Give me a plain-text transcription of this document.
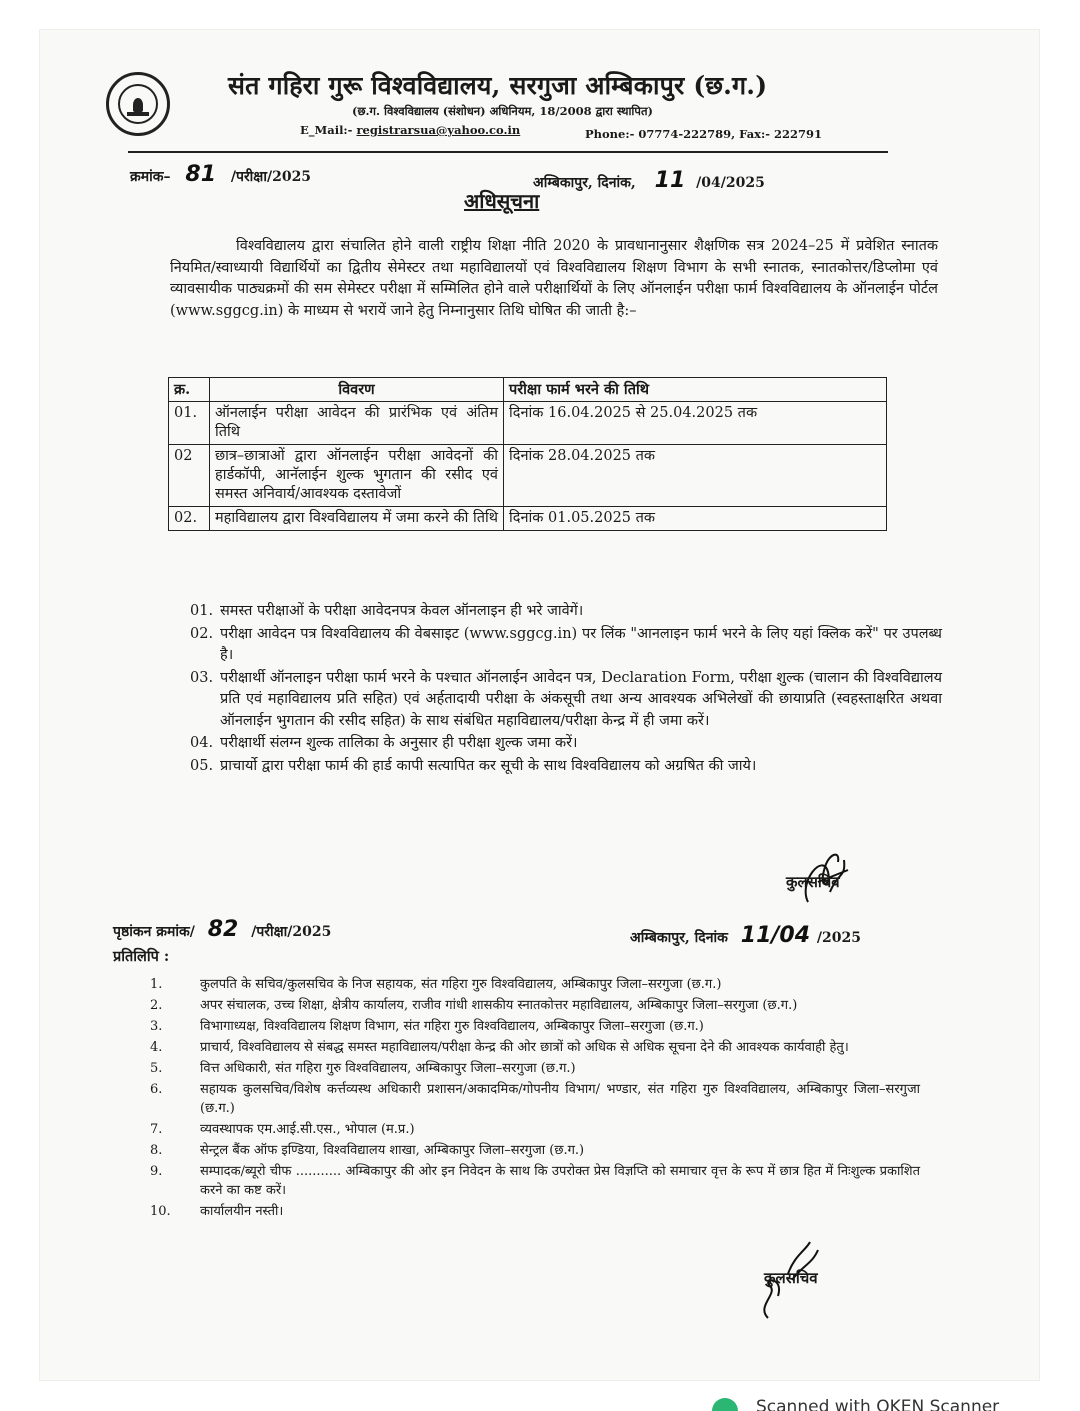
संत गहिरा गुरू विश्वविद्यालय, सरगुजा अम्बिकापुर (छ.ग.)
(छ.ग. विश्वविद्यालय (संशोधन) अधिनियम, 18/2008 द्वारा स्थापित)
E_Mail:- registrarsua@yahoo.co.in	Phone:- 07774-222789, Fax:- 222791
क्रमांक– 81 /परीक्षा/2025	अम्बिकापुर, दिनांक, 11 /04/2025
अधिसूचना

विश्वविद्यालय द्वारा संचालित होने वाली राष्ट्रीय शिक्षा नीति 2020 के प्रावधानानुसार शैक्षणिक सत्र 2024–25 में प्रवेशित स्नातक नियमित/स्वाध्यायी विद्यार्थियों का द्वितीय सेमेस्टर तथा महाविद्यालयों एवं विश्वविद्यालय शिक्षण विभाग के सभी स्नातक, स्नातकोत्तर/डिप्लोमा एवं व्यावसायीक पाठ्यक्रमों की सम सेमेस्टर परीक्षा में सम्मिलित होने वाले परीक्षार्थियों के लिए ऑनलाईन परीक्षा फार्म विश्वविद्यालय के ऑनलाईन पोर्टल (www.sggcg.in) के माध्यम से भरायें जाने हेतु निम्नानुसार तिथि घोषित की जाती है:–

क्र.	विवरण	परीक्षा फार्म भरने की तिथि
01.	ऑनलाईन परीक्षा आवेदन की प्रारंभिक एवं अंतिम तिथि	दिनांक 16.04.2025 से 25.04.2025 तक
02	छात्र–छात्राओं द्वारा ऑनलाईन परीक्षा आवेदनों की हार्डकॉपी, आनॅलाईन शुल्क भुगतान की रसीद एवं समस्त अनिवार्य/आवश्यक दस्तावेजों	दिनांक 28.04.2025 तक
02.	महाविद्यालय द्वारा विश्वविद्यालय में जमा करने की तिथि	दिनांक 01.05.2025 तक
01. समस्त परीक्षाओं के परीक्षा आवेदनपत्र केवल ऑनलाइन ही भरे जावेगें।
02. परीक्षा आवेदन पत्र विश्वविद्यालय की वेबसाइट (www.sggcg.in) पर लिंक "आनलाइन फार्म भरने के लिए यहां क्लिक करें" पर उपलब्ध है।
03. परीक्षार्थी ऑनलाइन परीक्षा फार्म भरने के पश्चात ऑनलाईन आवेदन पत्र, Declaration Form, परीक्षा शुल्क (चालान की विश्वविद्यालय प्रति एवं महाविद्यालय प्रति सहित) एवं अर्हतादायी परीक्षा के अंकसूची तथा अन्य आवश्यक अभिलेखों की छायाप्रति (स्वहस्ताक्षरित अथवा ऑनलाईन भुगतान की रसीद सहित) के साथ संबंधित महाविद्यालय/परीक्षा केन्द्र में ही जमा करें।
04. परीक्षार्थी संलग्न शुल्क तालिका के अनुसार ही परीक्षा शुल्क जमा करें।
05. प्राचार्यो द्वारा परीक्षा फार्म की हार्ड कापी सत्यापित कर सूची के साथ विश्वविद्यालय को अग्रषित की जाये।
कुलसचिव
पृष्ठांकन क्रमांक/ 82 /परीक्षा/2025	अम्बिकापुर, दिनांक 11/04 /2025
प्रतिलिपि :
1.	कुलपति के सचिव/कुलसचिव के निज सहायक, संत गहिरा गुरु विश्वविद्यालय, अम्बिकापुर जिला–सरगुजा (छ.ग.)
2.	अपर संचालक, उच्च शिक्षा, क्षेत्रीय कार्यालय, राजीव गांधी शासकीय स्नातकोत्तर महाविद्यालय, अम्बिकापुर जिला–सरगुजा (छ.ग.)
3.	विभागाध्यक्ष, विश्वविद्यालय शिक्षण विभाग, संत गहिरा गुरु विश्वविद्यालय, अम्बिकापुर जिला–सरगुजा (छ.ग.)
4.	प्राचार्य, विश्वविद्यालय से संबद्ध समस्त महाविद्यालय/परीक्षा केन्द्र की ओर छात्रों को अधिक से अधिक सूचना देने की आवश्यक कार्यवाही हेतु।
5.	वित्त अधिकारी, संत गहिरा गुरु विश्वविद्यालय, अम्बिकापुर जिला–सरगुजा (छ.ग.)
6.	सहायक कुलसचिव/विशेष कर्त्तव्यस्थ अधिकारी प्रशासन/अकादमिक/गोपनीय विभाग/ भण्डार, संत गहिरा गुरु विश्वविद्यालय, अम्बिकापुर जिला–सरगुजा (छ.ग.)
7.	व्यवस्थापक एम.आई.सी.एस., भोपाल (म.प्र.)
8.	सेन्ट्रल बैंक ऑफ इण्डिया, विश्वविद्यालय शाखा, अम्बिकापुर जिला–सरगुजा (छ.ग.)
9.	सम्पादक/ब्यूरो चीफ ........... अम्बिकापुर की ओर इन निवेदन के साथ कि उपरोक्त प्रेस विज्ञप्ति को समाचार वृत्त के रूप में छात्र हित में निःशुल्क प्रकाशित करने का कष्ट करें।
10.	कार्यालयीन नस्ती।
कुलसचिव
Scanned with OKEN Scanner
